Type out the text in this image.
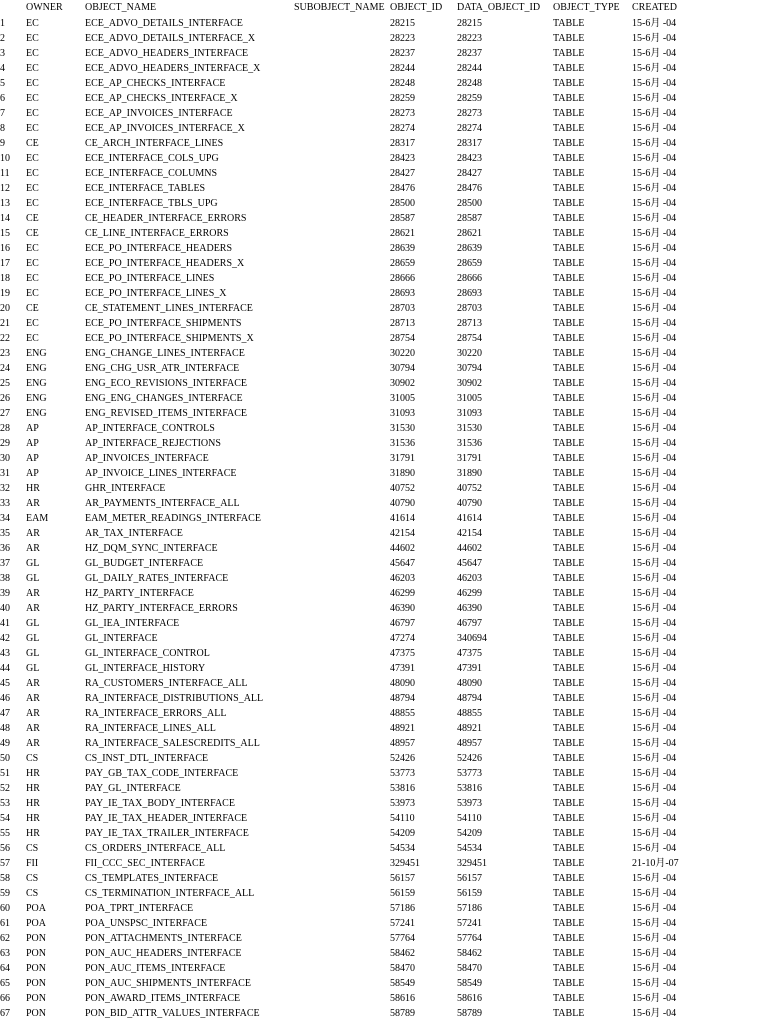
	OWNER	OBJECT_NAME	SUBOBJECT_NAME	OBJECT_ID	DATA_OBJECT_ID	OBJECT_TYPE	CREATED
1	EC	ECE_ADVO_DETAILS_INTERFACE		28215	28215	TABLE	15-6月 -04
2	EC	ECE_ADVO_DETAILS_INTERFACE_X		28223	28223	TABLE	15-6月 -04
3	EC	ECE_ADVO_HEADERS_INTERFACE		28237	28237	TABLE	15-6月 -04
4	EC	ECE_ADVO_HEADERS_INTERFACE_X		28244	28244	TABLE	15-6月 -04
5	EC	ECE_AP_CHECKS_INTERFACE		28248	28248	TABLE	15-6月 -04
6	EC	ECE_AP_CHECKS_INTERFACE_X		28259	28259	TABLE	15-6月 -04
7	EC	ECE_AP_INVOICES_INTERFACE		28273	28273	TABLE	15-6月 -04
8	EC	ECE_AP_INVOICES_INTERFACE_X		28274	28274	TABLE	15-6月 -04
9	CE	CE_ARCH_INTERFACE_LINES		28317	28317	TABLE	15-6月 -04
10	EC	ECE_INTERFACE_COLS_UPG		28423	28423	TABLE	15-6月 -04
11	EC	ECE_INTERFACE_COLUMNS		28427	28427	TABLE	15-6月 -04
12	EC	ECE_INTERFACE_TABLES		28476	28476	TABLE	15-6月 -04
13	EC	ECE_INTERFACE_TBLS_UPG		28500	28500	TABLE	15-6月 -04
14	CE	CE_HEADER_INTERFACE_ERRORS		28587	28587	TABLE	15-6月 -04
15	CE	CE_LINE_INTERFACE_ERRORS		28621	28621	TABLE	15-6月 -04
16	EC	ECE_PO_INTERFACE_HEADERS		28639	28639	TABLE	15-6月 -04
17	EC	ECE_PO_INTERFACE_HEADERS_X		28659	28659	TABLE	15-6月 -04
18	EC	ECE_PO_INTERFACE_LINES		28666	28666	TABLE	15-6月 -04
19	EC	ECE_PO_INTERFACE_LINES_X		28693	28693	TABLE	15-6月 -04
20	CE	CE_STATEMENT_LINES_INTERFACE		28703	28703	TABLE	15-6月 -04
21	EC	ECE_PO_INTERFACE_SHIPMENTS		28713	28713	TABLE	15-6月 -04
22	EC	ECE_PO_INTERFACE_SHIPMENTS_X		28754	28754	TABLE	15-6月 -04
23	ENG	ENG_CHANGE_LINES_INTERFACE		30220	30220	TABLE	15-6月 -04
24	ENG	ENG_CHG_USR_ATR_INTERFACE		30794	30794	TABLE	15-6月 -04
25	ENG	ENG_ECO_REVISIONS_INTERFACE		30902	30902	TABLE	15-6月 -04
26	ENG	ENG_ENG_CHANGES_INTERFACE		31005	31005	TABLE	15-6月 -04
27	ENG	ENG_REVISED_ITEMS_INTERFACE		31093	31093	TABLE	15-6月 -04
28	AP	AP_INTERFACE_CONTROLS		31530	31530	TABLE	15-6月 -04
29	AP	AP_INTERFACE_REJECTIONS		31536	31536	TABLE	15-6月 -04
30	AP	AP_INVOICES_INTERFACE		31791	31791	TABLE	15-6月 -04
31	AP	AP_INVOICE_LINES_INTERFACE		31890	31890	TABLE	15-6月 -04
32	HR	GHR_INTERFACE		40752	40752	TABLE	15-6月 -04
33	AR	AR_PAYMENTS_INTERFACE_ALL		40790	40790	TABLE	15-6月 -04
34	EAM	EAM_METER_READINGS_INTERFACE		41614	41614	TABLE	15-6月 -04
35	AR	AR_TAX_INTERFACE		42154	42154	TABLE	15-6月 -04
36	AR	HZ_DQM_SYNC_INTERFACE		44602	44602	TABLE	15-6月 -04
37	GL	GL_BUDGET_INTERFACE		45647	45647	TABLE	15-6月 -04
38	GL	GL_DAILY_RATES_INTERFACE		46203	46203	TABLE	15-6月 -04
39	AR	HZ_PARTY_INTERFACE		46299	46299	TABLE	15-6月 -04
40	AR	HZ_PARTY_INTERFACE_ERRORS		46390	46390	TABLE	15-6月 -04
41	GL	GL_IEA_INTERFACE		46797	46797	TABLE	15-6月 -04
42	GL	GL_INTERFACE		47274	340694	TABLE	15-6月 -04
43	GL	GL_INTERFACE_CONTROL		47375	47375	TABLE	15-6月 -04
44	GL	GL_INTERFACE_HISTORY		47391	47391	TABLE	15-6月 -04
45	AR	RA_CUSTOMERS_INTERFACE_ALL		48090	48090	TABLE	15-6月 -04
46	AR	RA_INTERFACE_DISTRIBUTIONS_ALL		48794	48794	TABLE	15-6月 -04
47	AR	RA_INTERFACE_ERRORS_ALL		48855	48855	TABLE	15-6月 -04
48	AR	RA_INTERFACE_LINES_ALL		48921	48921	TABLE	15-6月 -04
49	AR	RA_INTERFACE_SALESCREDITS_ALL		48957	48957	TABLE	15-6月 -04
50	CS	CS_INST_DTL_INTERFACE		52426	52426	TABLE	15-6月 -04
51	HR	PAY_GB_TAX_CODE_INTERFACE		53773	53773	TABLE	15-6月 -04
52	HR	PAY_GL_INTERFACE		53816	53816	TABLE	15-6月 -04
53	HR	PAY_IE_TAX_BODY_INTERFACE		53973	53973	TABLE	15-6月 -04
54	HR	PAY_IE_TAX_HEADER_INTERFACE		54110	54110	TABLE	15-6月 -04
55	HR	PAY_IE_TAX_TRAILER_INTERFACE		54209	54209	TABLE	15-6月 -04
56	CS	CS_ORDERS_INTERFACE_ALL		54534	54534	TABLE	15-6月 -04
57	FII	FII_CCC_SEC_INTERFACE		329451	329451	TABLE	21-10月-07
58	CS	CS_TEMPLATES_INTERFACE		56157	56157	TABLE	15-6月 -04
59	CS	CS_TERMINATION_INTERFACE_ALL		56159	56159	TABLE	15-6月 -04
60	POA	POA_TPRT_INTERFACE		57186	57186	TABLE	15-6月 -04
61	POA	POA_UNSPSC_INTERFACE		57241	57241	TABLE	15-6月 -04
62	PON	PON_ATTACHMENTS_INTERFACE		57764	57764	TABLE	15-6月 -04
63	PON	PON_AUC_HEADERS_INTERFACE		58462	58462	TABLE	15-6月 -04
64	PON	PON_AUC_ITEMS_INTERFACE		58470	58470	TABLE	15-6月 -04
65	PON	PON_AUC_SHIPMENTS_INTERFACE		58549	58549	TABLE	15-6月 -04
66	PON	PON_AWARD_ITEMS_INTERFACE		58616	58616	TABLE	15-6月 -04
67	PON	PON_BID_ATTR_VALUES_INTERFACE		58789	58789	TABLE	15-6月 -04
